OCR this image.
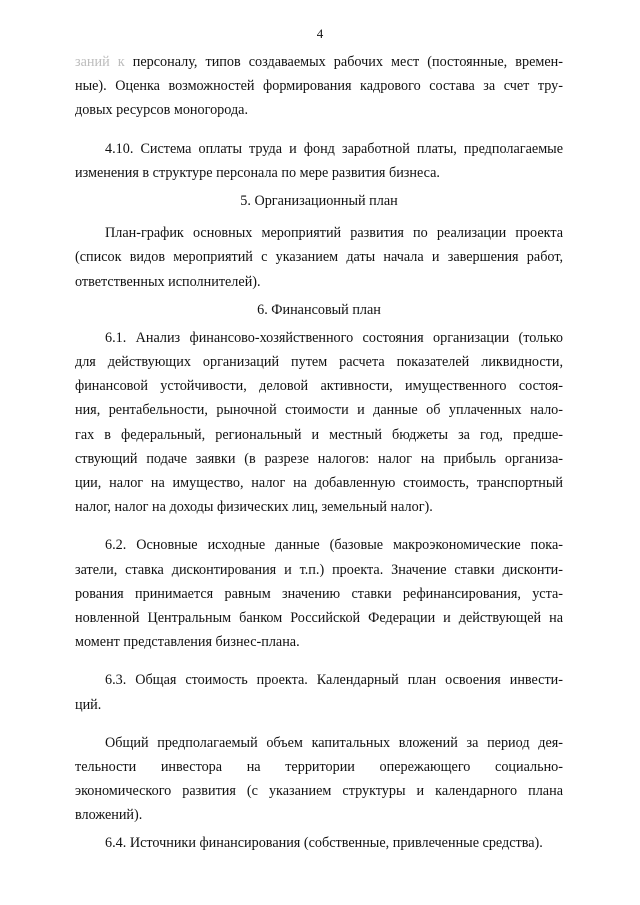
4
заний к персоналу, типов создаваемых рабочих мест (постоянные, времен-
ные). Оценка возможностей формирования кадрового состава за счет тру-
довых ресурсов моногорода.
4.10. Система оплаты труда и фонд заработной платы, предполагаемые
изменения в структуре персонала по мере развития бизнеса.
5. Организационный план
План-график основных мероприятий развития по реализации проекта
(список видов мероприятий с указанием даты начала и завершения работ,
ответственных исполнителей).
6. Финансовый план
6.1. Анализ финансово-хозяйственного состояния организации (только
для действующих организаций путем расчета показателей ликвидности,
финансовой устойчивости, деловой активности, имущественного состоя-
ния, рентабельности, рыночной стоимости и данные об уплаченных нало-
гах в федеральный, региональный и местный бюджеты за год, предше-
ствующий подаче заявки (в разрезе налогов: налог на прибыль организа-
ции, налог на имущество, налог на добавленную стоимость, транспортный
налог, налог на доходы физических лиц, земельный налог).
6.2. Основные исходные данные (базовые макроэкономические пока-
затели, ставка дисконтирования и т.п.) проекта. Значение ставки дисконти-
рования принимается равным значению ставки рефинансирования, уста-
новленной Центральным банком Российской Федерации и действующей на
момент представления бизнес-плана.
6.3. Общая стоимость проекта. Календарный план освоения инвести-
ций.
Общий предполагаемый объем капитальных вложений за период дея-
тельности инвестора на территории опережающего социально-
экономического развития (с указанием структуры и календарного плана
вложений).
6.4. Источники финансирования (собственные, привлеченные средства).
